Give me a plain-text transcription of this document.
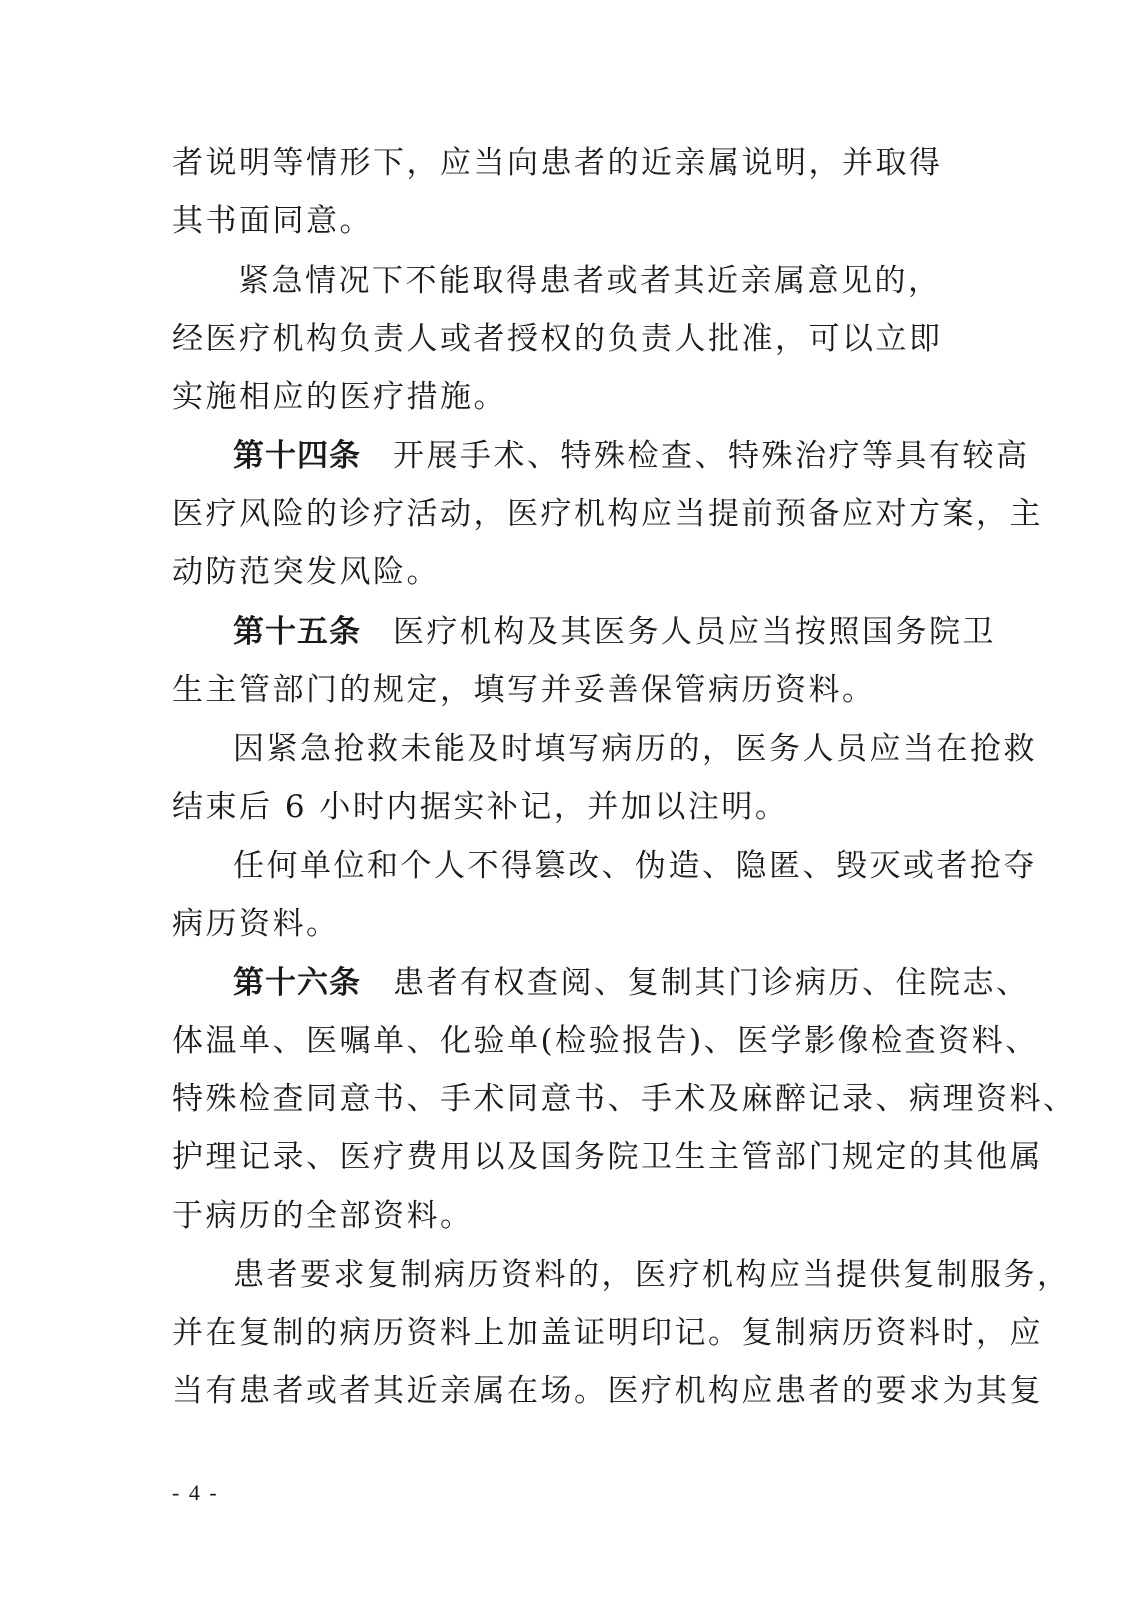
者说明等情形下，应当向患者的近亲属说明，并取得
其书面同意。
紧急情况下不能取得患者或者其近亲属意见的，
经医疗机构负责人或者授权的负责人批准，可以立即
实施相应的医疗措施。
第十四条 开展手术、特殊检查、特殊治疗等具有较高
医疗风险的诊疗活动，医疗机构应当提前预备应对方案，主
动防范突发风险。
第十五条 医疗机构及其医务人员应当按照国务院卫
生主管部门的规定，填写并妥善保管病历资料。
因紧急抢救未能及时填写病历的，医务人员应当在抢救
结束后 6 小时内据实补记，并加以注明。
任何单位和个人不得篡改、伪造、隐匿、毁灭或者抢夺
病历资料。
第十六条 患者有权查阅、复制其门诊病历、住院志、
体温单、医嘱单、化验单(检验报告)、医学影像检查资料、
特殊检查同意书、手术同意书、手术及麻醉记录、病理资料、
护理记录、医疗费用以及国务院卫生主管部门规定的其他属
于病历的全部资料。
患者要求复制病历资料的，医疗机构应当提供复制服务，
并在复制的病历资料上加盖证明印记。复制病历资料时，应
当有患者或者其近亲属在场。医疗机构应患者的要求为其复
- 4 -
